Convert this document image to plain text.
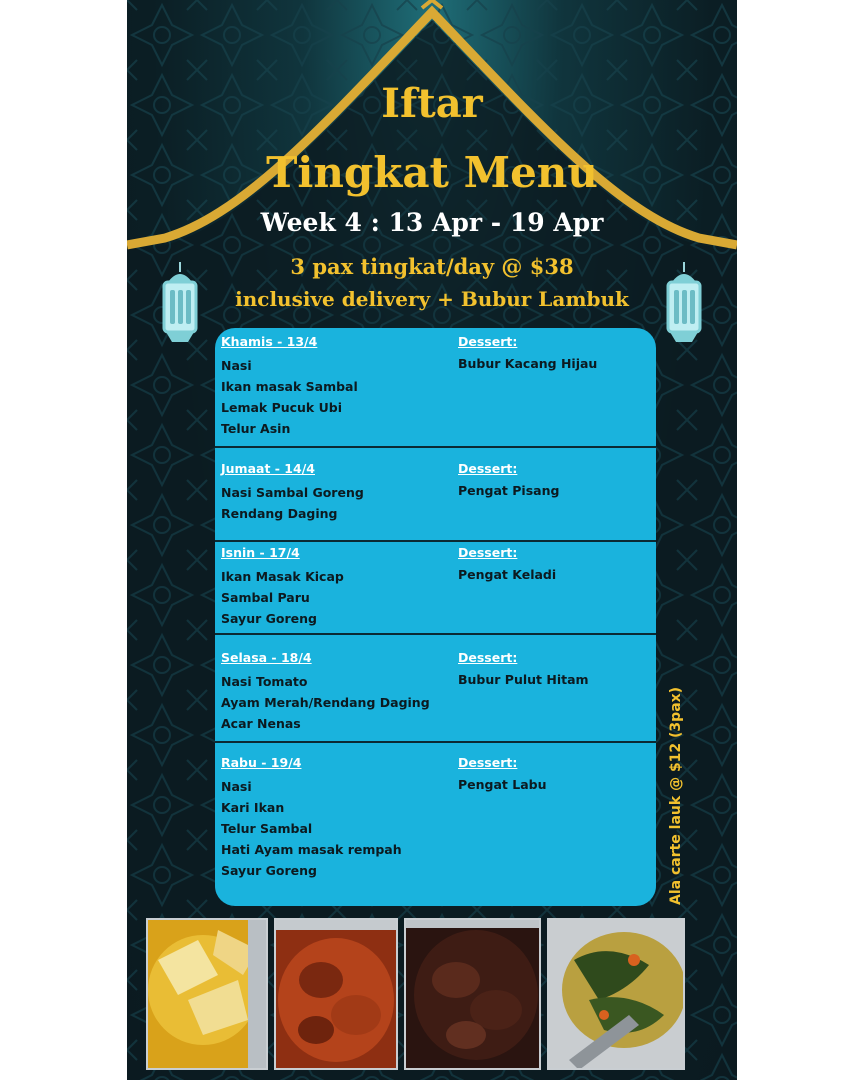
Iftar
Tingkat Menu
Week 4 : 13 Apr - 19 Apr
3 pax tingkat/day @ $38
inclusive delivery + Bubur Lambuk
Khamis - 13/4
Nasi
Ikan masak Sambal
Lemak Pucuk Ubi
Telur Asin
Dessert:
Bubur Kacang Hijau
Jumaat - 14/4
Nasi Sambal Goreng
Rendang Daging
Dessert:
Pengat Pisang
Isnin - 17/4
Ikan Masak Kicap
Sambal Paru
Sayur Goreng
Dessert:
Pengat Keladi
Selasa - 18/4
Nasi Tomato
Ayam Merah/Rendang Daging
Acar Nenas
Dessert:
Bubur Pulut Hitam
Rabu - 19/4
Nasi
Kari Ikan
Telur Sambal
Hati Ayam masak rempah
Sayur Goreng
Dessert:
Pengat Labu	Ala carte lauk @ $12 (3pax)
